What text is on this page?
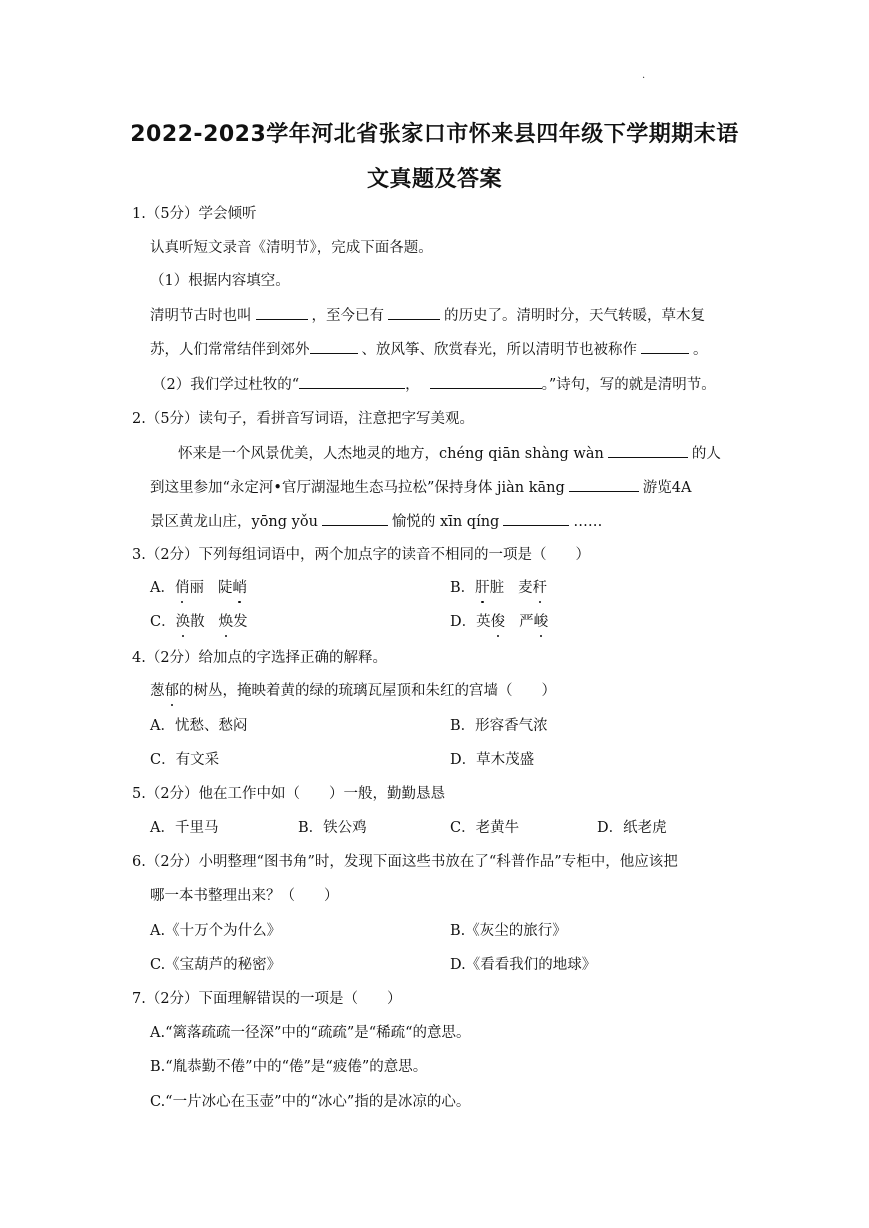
.
2022-2023学年河北省张家口市怀来县四年级下学期期末语
文真题及答案
1.（5分）学会倾听
认真听短文录音《清明节》，完成下面各题。
（1）根据内容填空。
清明节古时也叫	，至今已有	的历史了。清明时分，天气转暖，草木复
苏，人们常常结伴到郊外	、放风筝、欣赏春光，所以清明节也被称作	。
（2）我们学过杜牧的“	，	。”诗句，写的就是清明节。
2.（5分）读句子，看拼音写词语，注意把字写美观。
怀来是一个风景优美，人杰地灵的地方，chéng qiān shàng wàn	的人
到这里参加“永定河•官厅湖湿地生态马拉松”保持身体 jiàn kāng	游览4A
景区黄龙山庄，yōng yǒu	愉悦的 xīn qíng	……
3.（2分）下列每组词语中，两个加点字的读音不相同的一项是（　　）
A．俏丽 陡峭	B．肝脏 麦秆
C．涣散 焕发	D．英俊 严峻
4.（2分）给加点的字选择正确的解释。
葱郁的树丛，掩映着黄的绿的琉璃瓦屋顶和朱红的宫墙（　　）
A．忧愁、愁闷	B．形容香气浓
C．有文采	D．草木茂盛
5.（2分）他在工作中如（　　）一般，勤勤恳恳
A．千里马	B．铁公鸡	C．老黄牛	D．纸老虎
6.（2分）小明整理“图书角”时，发现下面这些书放在了“科普作品”专柜中，他应该把
哪一本书整理出来？（　　）
A.《十万个为什么》	B.《灰尘的旅行》
C.《宝葫芦的秘密》	D.《看看我们的地球》
7.（2分）下面理解错误的一项是（　　）
A.“篱落疏疏一径深”中的“疏疏”是“稀疏“的意思。
B.“胤恭勤不倦”中的“倦”是“疲倦”的意思。
C.“一片冰心在玉壶”中的“冰心”指的是冰凉的心。
